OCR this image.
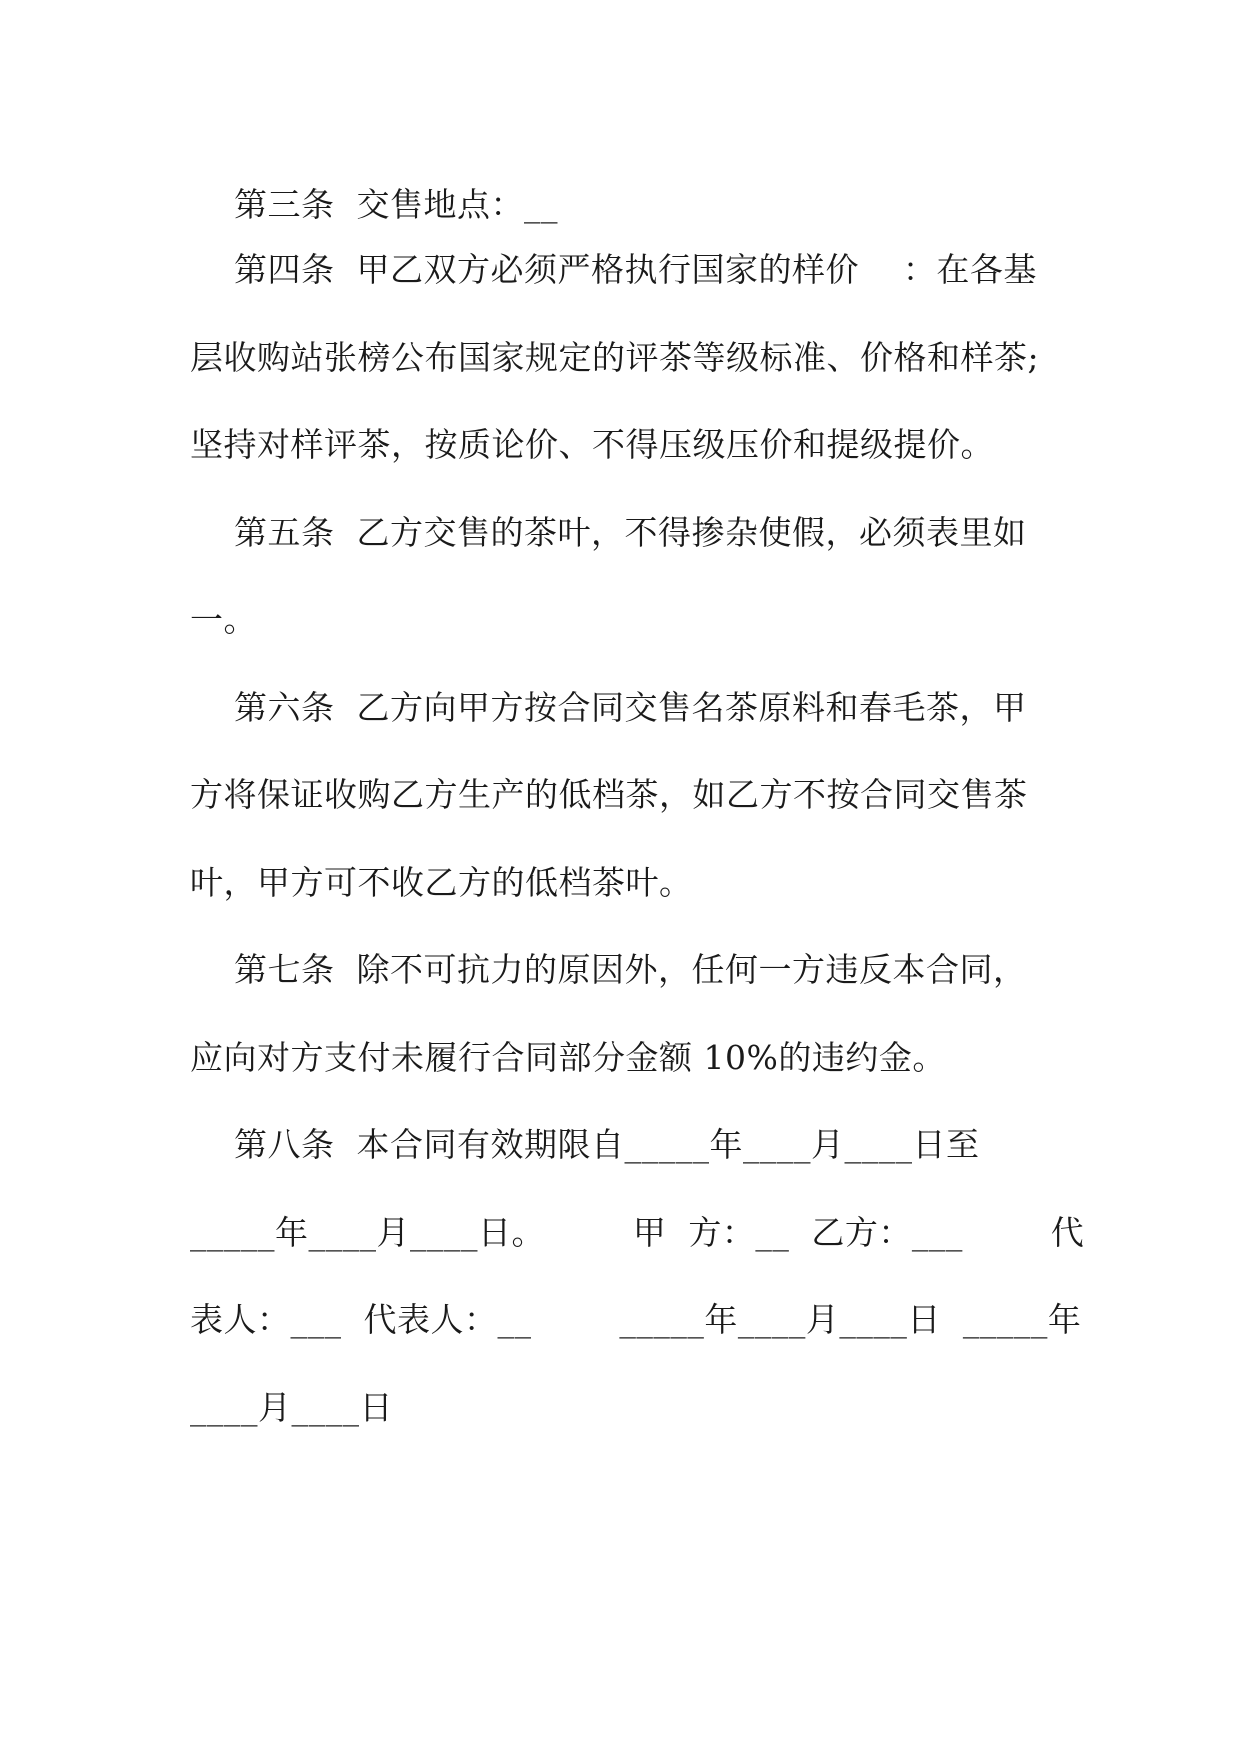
第三条  交售地点：__
第四条  甲乙双方必须严格执行国家的样价    ：在各基
层收购站张榜公布国家规定的评茶等级标准、价格和样茶;
坚持对样评茶，按质论价、不得压级压价和提级提价。
第五条  乙方交售的茶叶，不得掺杂使假，必须表里如
一。
第六条  乙方向甲方按合同交售名茶原料和春毛茶，甲
方将保证收购乙方生产的低档茶，如乙方不按合同交售茶
叶，甲方可不收乙方的低档茶叶。
第七条  除不可抗力的原因外，任何一方违反本合同，
应向对方支付未履行合同部分金额 10%的违约金。
第八条  本合同有效期限自_____年____月____日至
_____年____月____日。        甲  方：__  乙方：___        代
表人：___  代表人：__        _____年____月____日  _____年
____月____日
